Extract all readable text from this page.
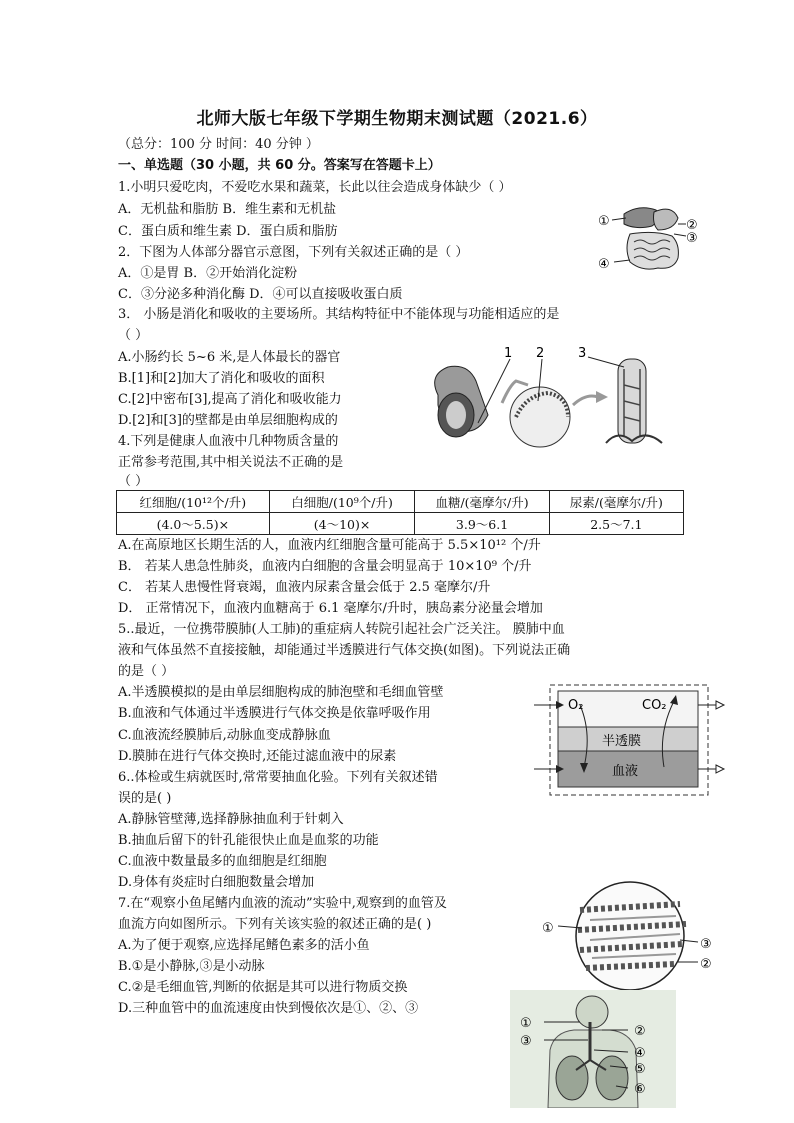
北师大版七年级下学期生物期末测试题（2021.6）
（总分：100 分 时间：40 分钟 ）
一、单选题（30 小题，共 60 分。答案写在答题卡上）
1.小明只爱吃肉，不爱吃水果和蔬菜，长此以往会造成身体缺少（ ）
A．无机盐和脂肪 B．维生素和无机盐
C．蛋白质和维生素 D．蛋白质和脂肪
2．下图为人体部分器官示意图，下列有关叙述正确的是（ ）
A．①是胃 B．②开始消化淀粉
C．③分泌多种消化酶 D．④可以直接吸收蛋白质
3． 小肠是消化和吸收的主要场所。其结构特征中不能体现与功能相适应的是
（ ）
A.小肠约长 5~6 米,是人体最长的器官
B.[1]和[2]加大了消化和吸收的面积
C.[2]中密布[3],提高了消化和吸收能力
D.[2]和[3]的壁都是由单层细胞构成的
4.下列是健康人血液中几种物质含量的
正常参考范围,其中相关说法不正确的是
（ ）
红细胞/(10¹²个/升)	白细胞/(10⁹个/升)	血糖/(毫摩尔/升)	尿素/(毫摩尔/升)
(4.0～5.5)×	(4～10)×	3.9～6.1	2.5～7.1
A.在高原地区长期生活的人，血液内红细胞含量可能高于 5.5×10¹² 个/升
B． 若某人患急性肺炎，血液内白细胞的含量会明显高于 10×10⁹ 个/升
C． 若某人患慢性肾衰竭，血液内尿素含量会低于 2.5 毫摩尔/升
D． 正常情况下，血液内血糖高于 6.1 毫摩尔/升时，胰岛素分泌量会增加
5..最近，一位携带膜肺(人工肺)的重症病人转院引起社会广泛关注。 膜肺中血
液和气体虽然不直接接触，却能通过半透膜进行气体交换(如图)。下列说法正确
的是（ ）
A.半透膜模拟的是由单层细胞构成的肺泡壁和毛细血管壁
B.血液和气体通过半透膜进行气体交换是依靠呼吸作用
C.血液流经膜肺后,动脉血变成静脉血
D.膜肺在进行气体交换时,还能过滤血液中的尿素
6..体检或生病就医时,常常要抽血化验。下列有关叙述错
误的是( )
A.静脉管壁薄,选择静脉抽血利于针刺入
B.抽血后留下的针孔能很快止血是血浆的功能
C.血液中数量最多的血细胞是红细胞
D.身体有炎症时白细胞数量会增加
7.在“观察小鱼尾鳍内血液的流动”实验中,观察到的血管及
血流方向如图所示。下列有关该实验的叙述正确的是( )
A.为了便于观察,应选择尾鳍色素多的活小鱼
B.①是小静脉,③是小动脉
C.②是毛细血管,判断的依据是其可以进行物质交换
D.三种血管中的血流速度由快到慢依次是①、②、③
①	②
③
④
1 2	3
O₂	CO₂
半透膜
血液
①
③
②
①
②
③
④
⑤
⑥
